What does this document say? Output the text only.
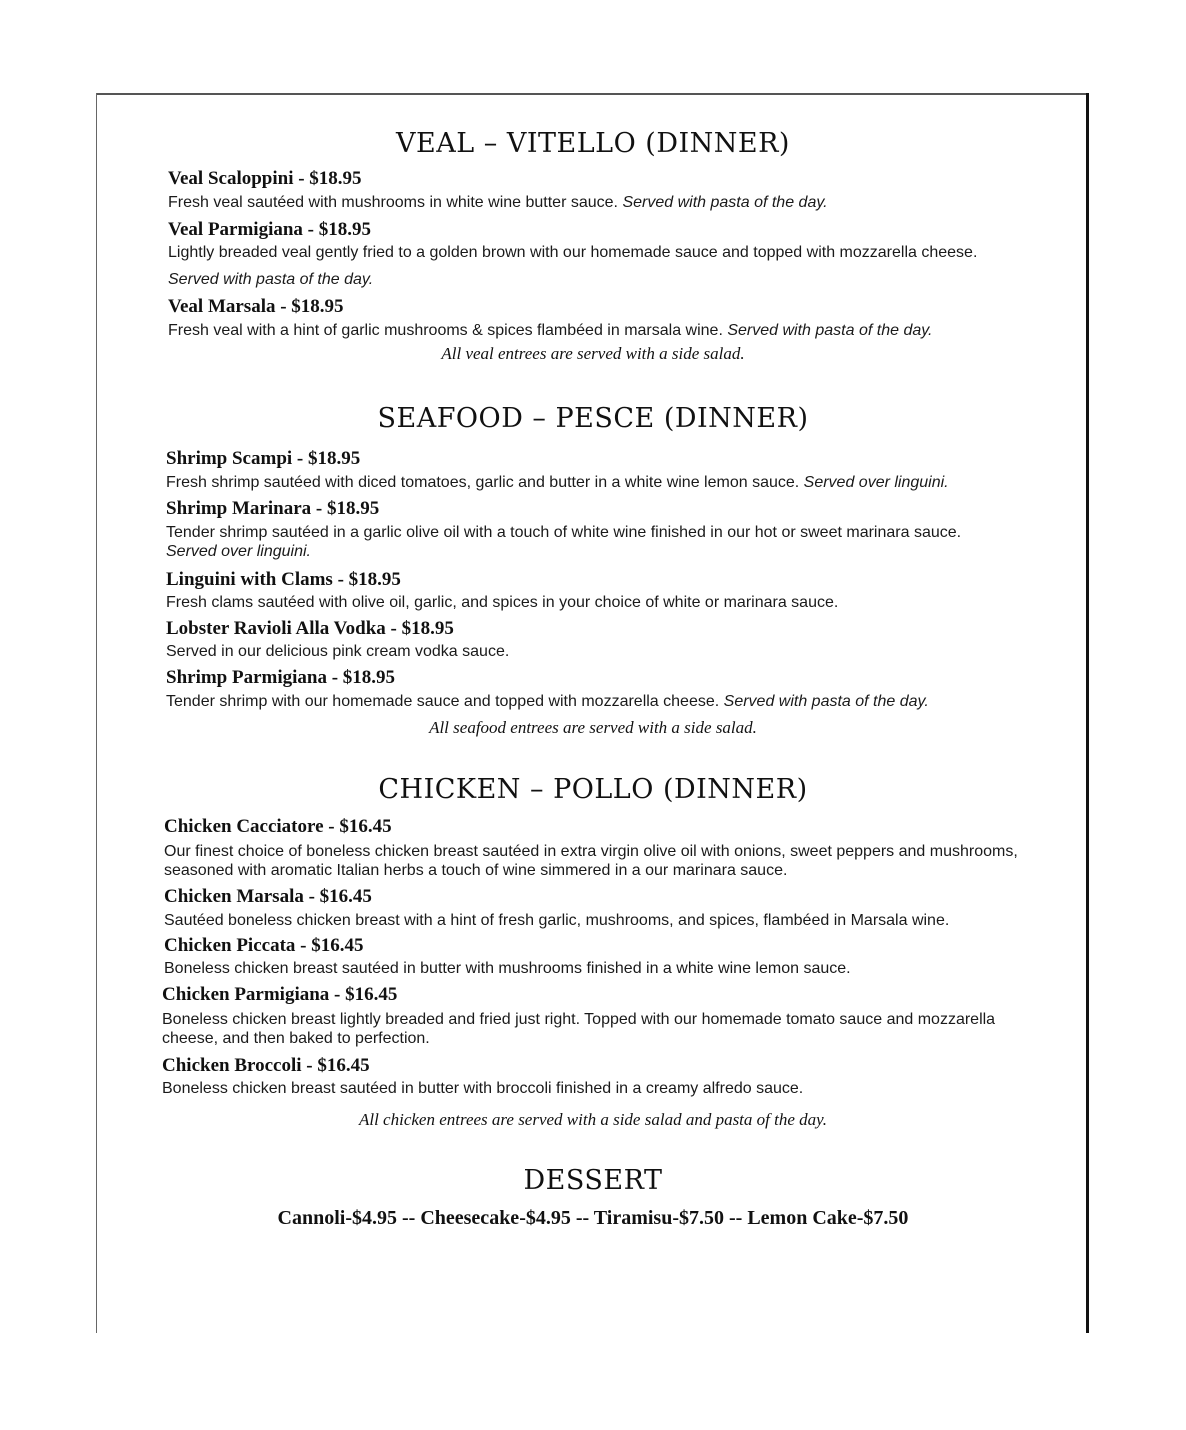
VEAL – VITELLO (DINNER)
Veal Scaloppini - $18.95
Fresh veal sautéed with mushrooms in white wine butter sauce. Served with pasta of the day.
Veal Parmigiana - $18.95
Lightly breaded veal gently fried to a golden brown with our homemade sauce and topped with mozzarella cheese. Served with pasta of the day.
Veal Marsala - $18.95
Fresh veal with a hint of garlic mushrooms & spices flambéed in marsala wine. Served with pasta of the day.
All veal entrees are served with a side salad.
SEAFOOD – PESCE (DINNER)
Shrimp Scampi - $18.95
Fresh shrimp sautéed with diced tomatoes, garlic and butter in a white wine lemon sauce. Served over linguini.
Shrimp Marinara - $18.95
Tender shrimp sautéed in a garlic olive oil with a touch of white wine finished in our hot or sweet marinara sauce. Served over linguini.
Linguini with Clams - $18.95
Fresh clams sautéed with olive oil, garlic, and spices in your choice of white or marinara sauce.
Lobster Ravioli Alla Vodka - $18.95
Served in our delicious pink cream vodka sauce.
Shrimp Parmigiana - $18.95
Tender shrimp with our homemade sauce and topped with mozzarella cheese. Served with pasta of the day.
All seafood entrees are served with a side salad.
CHICKEN – POLLO (DINNER)
Chicken Cacciatore - $16.45
Our finest choice of boneless chicken breast sautéed in extra virgin olive oil with onions, sweet peppers and mushrooms, seasoned with aromatic Italian herbs a touch of wine simmered in a our marinara sauce.
Chicken Marsala - $16.45
Sautéed boneless chicken breast with a hint of fresh garlic, mushrooms, and spices, flambéed in Marsala wine.
Chicken Piccata - $16.45
Boneless chicken breast sautéed in butter with mushrooms finished in a white wine lemon sauce.
Chicken Parmigiana - $16.45
Boneless chicken breast lightly breaded and fried just right. Topped with our homemade tomato sauce and mozzarella cheese, and then baked to perfection.
Chicken Broccoli - $16.45
Boneless chicken breast sautéed in butter with broccoli finished in a creamy alfredo sauce.
All chicken entrees are served with a side salad and pasta of the day.
DESSERT
Cannoli-$4.95 -- Cheesecake-$4.95 -- Tiramisu-$7.50 -- Lemon Cake-$7.50
